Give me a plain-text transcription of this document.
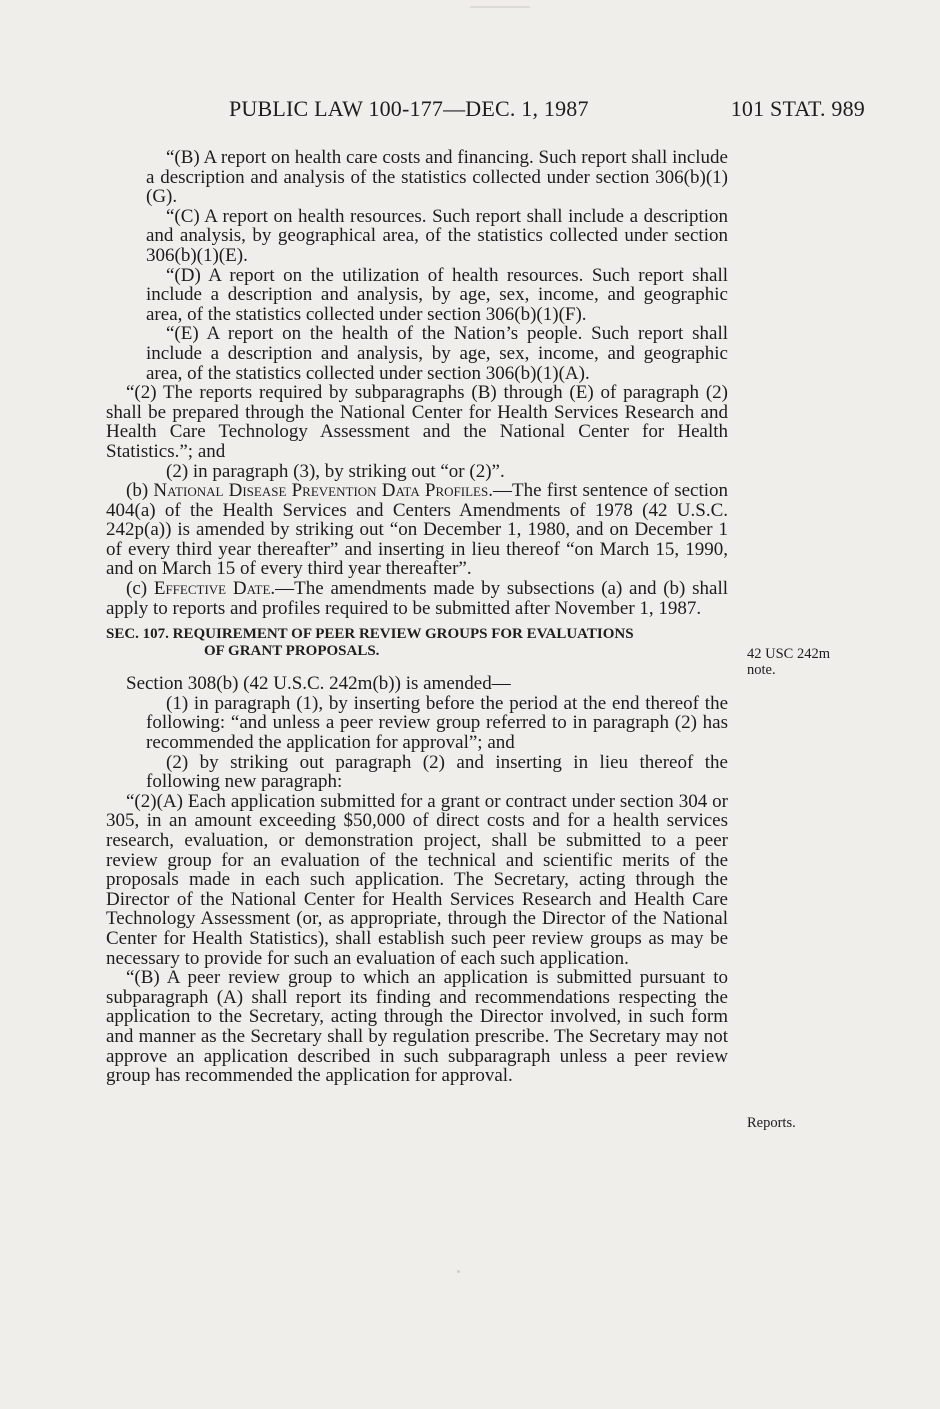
PUBLIC LAW 100-177—DEC. 1, 1987	101 STAT. 989

“(B) A report on health care costs and financing. Such report shall include a description and analysis of the statistics collected under section 306(b)(1)(G).

“(C) A report on health resources. Such report shall include a description and analysis, by geographical area, of the statistics collected under section 306(b)(1)(E).

“(D) A report on the utilization of health resources. Such report shall include a description and analysis, by age, sex, income, and geographic area, of the statistics collected under section 306(b)(1)(F).

“(E) A report on the health of the Nation’s people. Such report shall include a description and analysis, by age, sex, income, and geographic area, of the statistics collected under section 306(b)(1)(A).

“(2) The reports required by subparagraphs (B) through (E) of paragraph (2) shall be prepared through the National Center for Health Services Research and Health Care Technology Assessment and the National Center for Health Statistics.”; and

(2) in paragraph (3), by striking out “or (2)”.

(b) National Disease Prevention Data Profiles.—The first sentence of section 404(a) of the Health Services and Centers Amendments of 1978 (42 U.S.C. 242p(a)) is amended by striking out “on December 1, 1980, and on December 1 of every third year thereafter” and inserting in lieu thereof “on March 15, 1990, and on March 15 of every third year thereafter”.

(c) Effective Date.—The amendments made by subsections (a) and (b) shall apply to reports and profiles required to be submitted after November 1, 1987.

SEC. 107. REQUIREMENT OF PEER REVIEW GROUPS FOR EVALUATIONS
OF GRANT PROPOSALS.

Section 308(b) (42 U.S.C. 242m(b)) is amended—

(1) in paragraph (1), by inserting before the period at the end thereof the following: “and unless a peer review group referred to in paragraph (2) has recommended the application for approval”; and

(2) by striking out paragraph (2) and inserting in lieu thereof the following new paragraph:

“(2)(A) Each application submitted for a grant or contract under section 304 or 305, in an amount exceeding $50,000 of direct costs and for a health services research, evaluation, or demonstration project, shall be submitted to a peer review group for an evaluation of the technical and scientific merits of the proposals made in each such application. The Secretary, acting through the Director of the National Center for Health Services Research and Health Care Technology Assessment (or, as appropriate, through the Director of the National Center for Health Statistics), shall establish such peer review groups as may be necessary to provide for such an evaluation of each such application.

“(B) A peer review group to which an application is submitted pursuant to subparagraph (A) shall report its finding and recommendations respecting the application to the Secretary, acting through the Director involved, in such form and manner as the Secretary shall by regulation prescribe. The Secretary may not approve an application described in such subparagraph unless a peer review group has recommended the application for approval.

42 USC 242m
note.
Reports.
